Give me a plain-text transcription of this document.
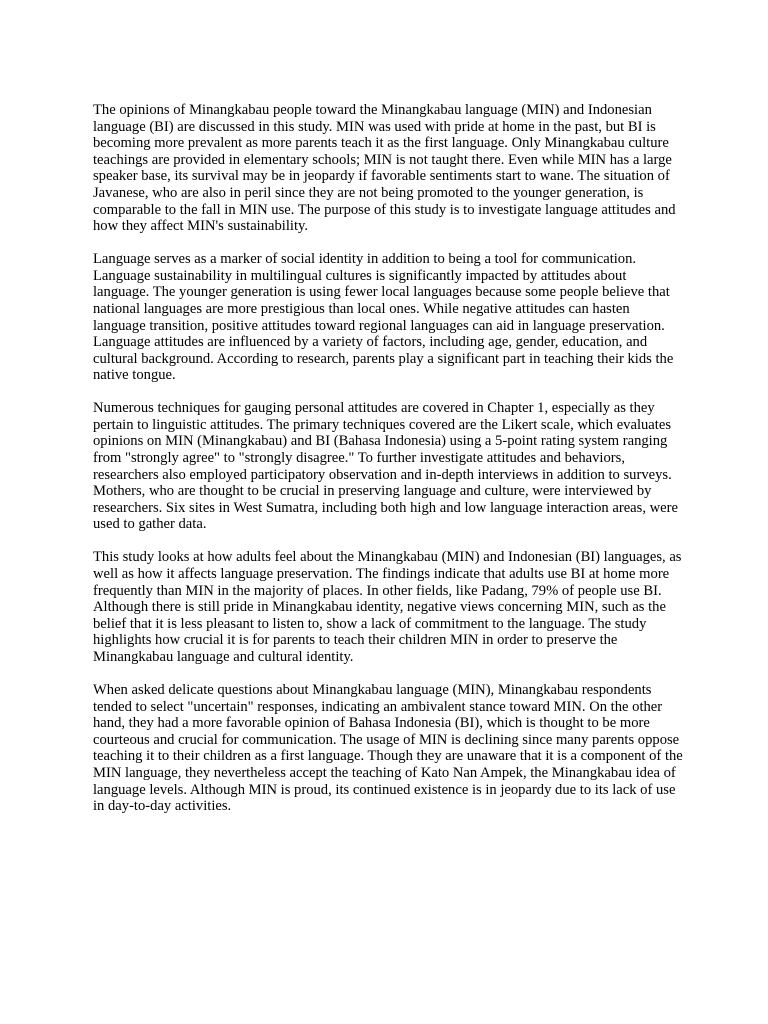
The opinions of Minangkabau people toward the Minangkabau language (MIN) and Indonesian language (BI) are discussed in this study. MIN was used with pride at home in the past, but BI is becoming more prevalent as more parents teach it as the first language. Only Minangkabau culture teachings are provided in elementary schools; MIN is not taught there. Even while MIN has a large speaker base, its survival may be in jeopardy if favorable sentiments start to wane. The situation of Javanese, who are also in peril since they are not being promoted to the younger generation, is comparable to the fall in MIN use. The purpose of this study is to investigate language attitudes and how they affect MIN's sustainability.

Language serves as a marker of social identity in addition to being a tool for communication. Language sustainability in multilingual cultures is significantly impacted by attitudes about language. The younger generation is using fewer local languages because some people believe that national languages are more prestigious than local ones. While negative attitudes can hasten language transition, positive attitudes toward regional languages can aid in language preservation. Language attitudes are influenced by a variety of factors, including age, gender, education, and cultural background. According to research, parents play a significant part in teaching their kids the native tongue.

Numerous techniques for gauging personal attitudes are covered in Chapter 1, especially as they pertain to linguistic attitudes. The primary techniques covered are the Likert scale, which evaluates opinions on MIN (Minangkabau) and BI (Bahasa Indonesia) using a 5-point rating system ranging from "strongly agree" to "strongly disagree." To further investigate attitudes and behaviors, researchers also employed participatory observation and in-depth interviews in addition to surveys. Mothers, who are thought to be crucial in preserving language and culture, were interviewed by researchers. Six sites in West Sumatra, including both high and low language interaction areas, were used to gather data.

This study looks at how adults feel about the Minangkabau (MIN) and Indonesian (BI) languages, as well as how it affects language preservation. The findings indicate that adults use BI at home more frequently than MIN in the majority of places. In other fields, like Padang, 79% of people use BI. Although there is still pride in Minangkabau identity, negative views concerning MIN, such as the belief that it is less pleasant to listen to, show a lack of commitment to the language. The study highlights how crucial it is for parents to teach their children MIN in order to preserve the Minangkabau language and cultural identity.

When asked delicate questions about Minangkabau language (MIN), Minangkabau respondents tended to select "uncertain" responses, indicating an ambivalent stance toward MIN. On the other hand, they had a more favorable opinion of Bahasa Indonesia (BI), which is thought to be more courteous and crucial for communication. The usage of MIN is declining since many parents oppose teaching it to their children as a first language. Though they are unaware that it is a component of the MIN language, they nevertheless accept the teaching of Kato Nan Ampek, the Minangkabau idea of language levels. Although MIN is proud, its continued existence is in jeopardy due to its lack of use in day-to-day activities.
